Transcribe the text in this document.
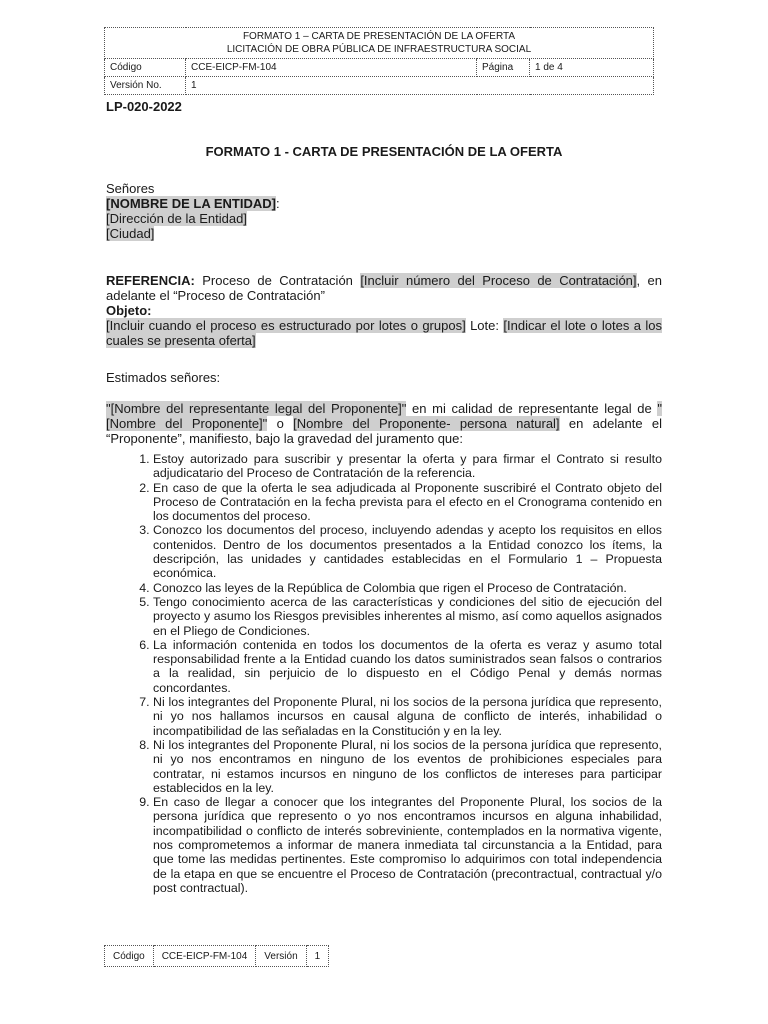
FORMATO 1 – CARTA DE PRESENTACIÓN DE LA OFERTA
LICITACIÓN DE OBRA PÚBLICA DE INFRAESTRUCTURA SOCIAL			

Código	CCE-EICP-FM-104	Página	1 de 4
Versión No.	1		
LP-020-2022
FORMATO 1 - CARTA DE PRESENTACIÓN DE LA OFERTA
Señores
[NOMBRE DE LA ENTIDAD]:
[Dirección de la Entidad]
[Ciudad]
REFERENCIA: Proceso de Contratación [Incluir número del Proceso de Contratación], en adelante el “Proceso de Contratación”
Objeto:
[Incluir cuando el proceso es estructurado por lotes o grupos] Lote: [Indicar el lote o lotes a los cuales se presenta oferta]
Estimados señores:
"[Nombre del representante legal del Proponente]" en mi calidad de representante legal de "[Nombre del Proponente]" o [Nombre del Proponente- persona natural] en adelante el “Proponente”, manifiesto, bajo la gravedad del juramento que:
1. Estoy autorizado para suscribir y presentar la oferta y para firmar el Contrato si resulto adjudicatario del Proceso de Contratación de la referencia.
2. En caso de que la oferta le sea adjudicada al Proponente suscribiré el Contrato objeto del Proceso de Contratación en la fecha prevista para el efecto en el Cronograma contenido en los documentos del proceso.
3. Conozco los documentos del proceso, incluyendo adendas y acepto los requisitos en ellos contenidos. Dentro de los documentos presentados a la Entidad conozco los ítems, la descripción, las unidades y cantidades establecidas en el Formulario 1 – Propuesta económica.
4. Conozco las leyes de la República de Colombia que rigen el Proceso de Contratación.
5. Tengo conocimiento acerca de las características y condiciones del sitio de ejecución del proyecto y asumo los Riesgos previsibles inherentes al mismo, así como aquellos asignados en el Pliego de Condiciones.
6. La información contenida en todos los documentos de la oferta es veraz y asumo total responsabilidad frente a la Entidad cuando los datos suministrados sean falsos o contrarios a la realidad, sin perjuicio de lo dispuesto en el Código Penal y demás normas concordantes.
7. Ni los integrantes del Proponente Plural, ni los socios de la persona jurídica que represento, ni yo nos hallamos incursos en causal alguna de conflicto de interés, inhabilidad o incompatibilidad de las señaladas en la Constitución y en la ley.
8. Ni los integrantes del Proponente Plural, ni los socios de la persona jurídica que represento, ni yo nos encontramos en ninguno de los eventos de prohibiciones especiales para contratar, ni estamos incursos en ninguno de los conflictos de intereses para participar establecidos en la ley.
9. En caso de llegar a conocer que los integrantes del Proponente Plural, los socios de la persona jurídica que represento o yo nos encontramos incursos en alguna inhabilidad, incompatibilidad o conflicto de interés sobreviniente, contemplados en la normativa vigente, nos comprometemos a informar de manera inmediata tal circunstancia a la Entidad, para que tome las medidas pertinentes. Este compromiso lo adquirimos con total independencia de la etapa en que se encuentre el Proceso de Contratación (precontractual, contractual y/o post contractual).
Código	CCE-EICP-FM-104	Versión	1
